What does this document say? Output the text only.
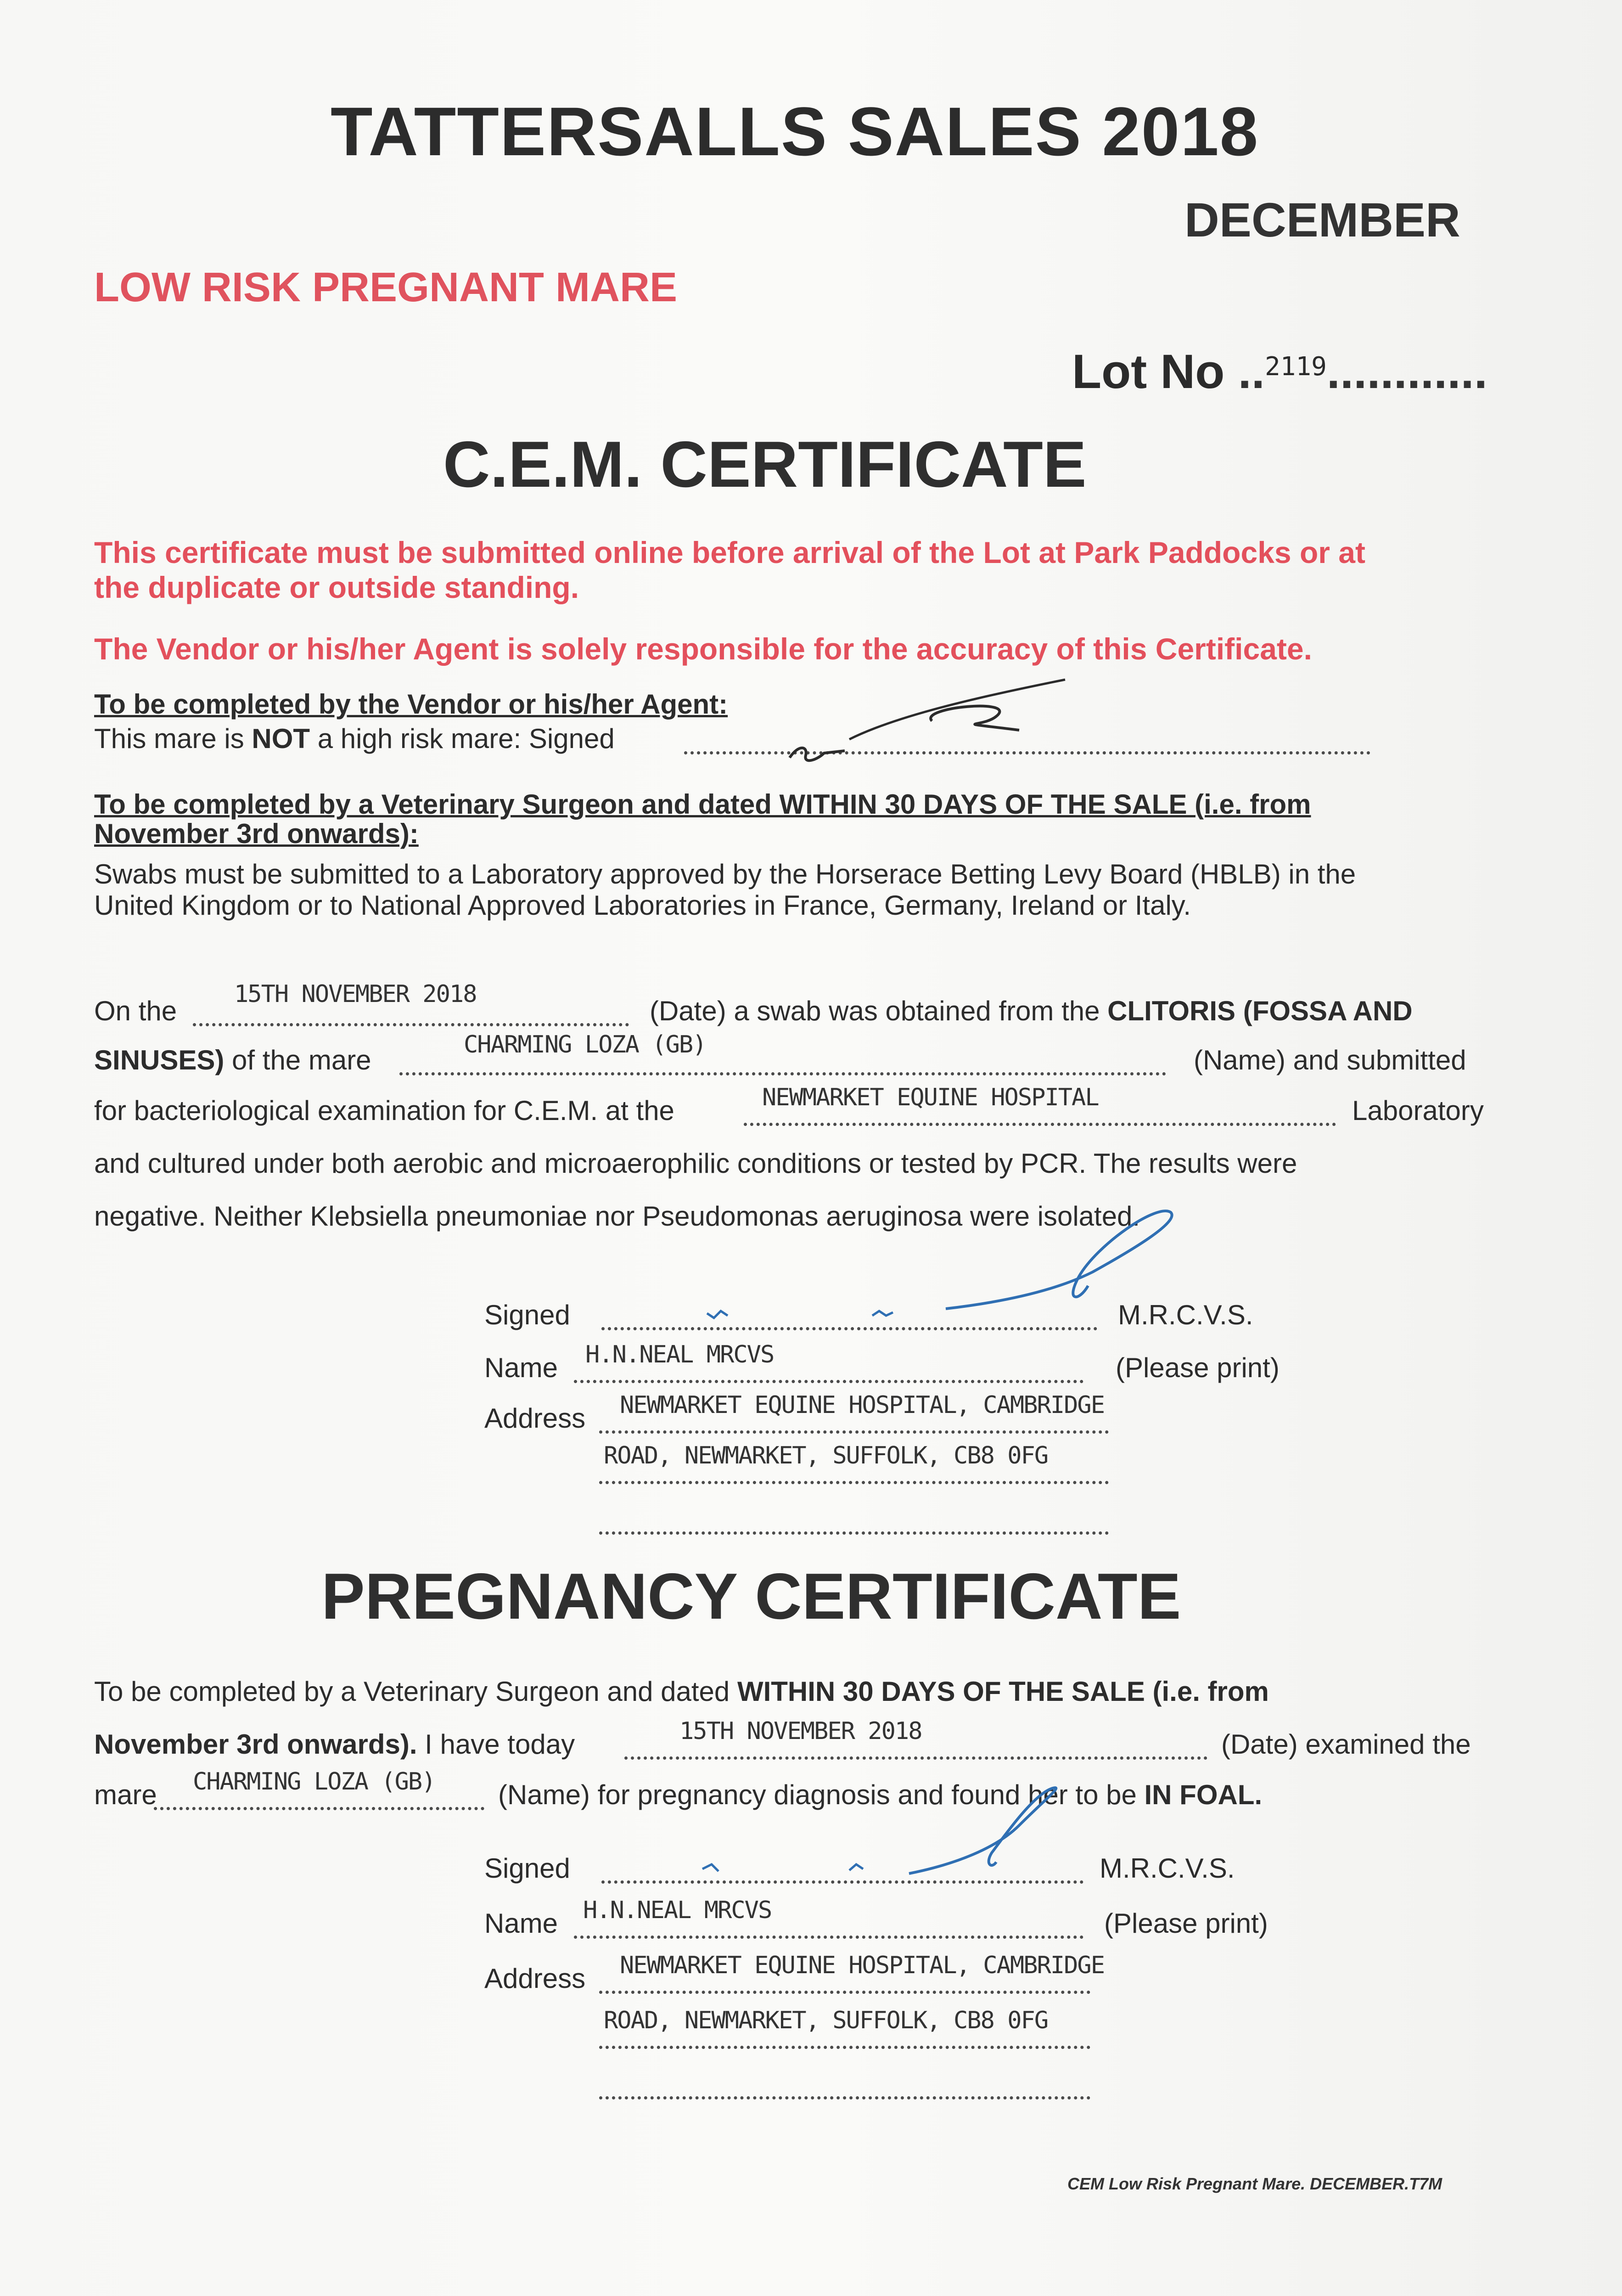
TATTERSALLS SALES 2018
DECEMBER
LOW RISK PREGNANT MARE
Lot No ..$^{2119}$............
C.E.M. CERTIFICATE
This certificate must be submitted online before arrival of the Lot at Park Paddocks or at
the duplicate or outside standing.
The Vendor or his/her Agent is solely responsible for the accuracy of this Certificate.
To be completed by the Vendor or his/her Agent:
This mare is NOT a high risk mare: Signed
To be completed by a Veterinary Surgeon and dated WITHIN 30 DAYS OF THE SALE (i.e. from
November 3rd onwards):
Swabs must be submitted to a Laboratory approved by the Horserace Betting Levy Board (HBLB) in the
United Kingdom or to National Approved Laboratories in France, Germany, Ireland or Italy.
On the
15TH NOVEMBER 2018
(Date) a swab was obtained from the CLITORIS (FOSSA AND
SINUSES) of the mare	CHARMING LOZA (GB)	(Name) and submitted
for bacteriological examination for C.E.M. at the	NEWMARKET EQUINE HOSPITAL	Laboratory
and cultured under both aerobic and microaerophilic conditions or tested by PCR. The results were
negative. Neither Klebsiella pneumoniae nor Pseudomonas aeruginosa were isolated.
Signed	M.R.C.V.S.
Name H.N.NEAL MRCVS	(Please print)
Address NEWMARKET EQUINE HOSPITAL, CAMBRIDGE
ROAD, NEWMARKET, SUFFOLK, CB8 0FG
PREGNANCY CERTIFICATE
To be completed by a Veterinary Surgeon and dated WITHIN 30 DAYS OF THE SALE (i.e. from
November 3rd onwards). I have today	15TH NOVEMBER 2018	(Date) examined the
mare CHARMING LOZA (GB) (Name) for pregnancy diagnosis and found her to be IN FOAL.
Signed	M.R.C.V.S.
Name H.N.NEAL MRCVS	(Please print)
Address NEWMARKET EQUINE HOSPITAL, CAMBRIDGE
ROAD, NEWMARKET, SUFFOLK, CB8 0FG
CEM Low Risk Pregnant Mare. DECEMBER.T7M
